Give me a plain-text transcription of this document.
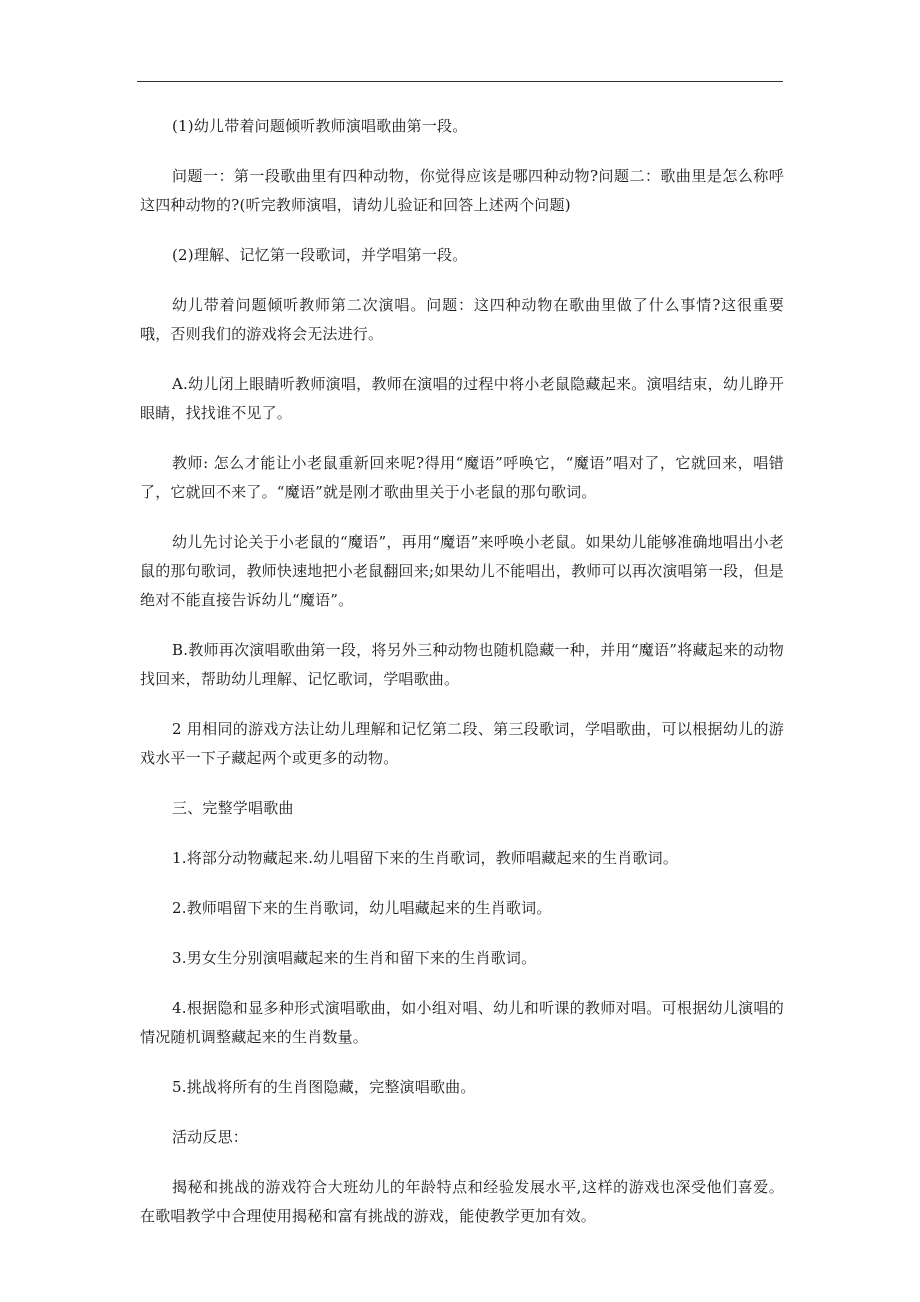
(1)幼儿带着问题倾听教师演唱歌曲第一段。

问题一：第一段歌曲里有四种动物，你觉得应该是哪四种动物?问题二：歌曲里是怎么称呼这四种动物的?(听完教师演唱，请幼儿验证和回答上述两个问题)

(2)理解、记忆第一段歌词，并学唱第一段。

幼儿带着问题倾听教师第二次演唱。问题：这四种动物在歌曲里做了什么事情?这很重要哦，否则我们的游戏将会无法进行。

A.幼儿闭上眼睛听教师演唱，教师在演唱的过程中将小老鼠隐藏起来。演唱结束，幼儿睁开眼睛，找找谁不见了。

教师: 怎么才能让小老鼠重新回来呢?得用“魔语”呼唤它，“魔语”唱对了，它就回来，唱错了，它就回不来了。“魔语”就是刚才歌曲里关于小老鼠的那句歌词。

幼儿先讨论关于小老鼠的“魔语”，再用“魔语”来呼唤小老鼠。如果幼儿能够准确地唱出小老鼠的那句歌词，教师快速地把小老鼠翻回来;如果幼儿不能唱出，教师可以再次演唱第一段，但是绝对不能直接告诉幼儿“魔语”。

B.教师再次演唱歌曲第一段，将另外三种动物也随机隐藏一种，并用“魔语”将藏起来的动物找回来，帮助幼儿理解、记忆歌词，学唱歌曲。

2 用相同的游戏方法让幼儿理解和记忆第二段、第三段歌词，学唱歌曲，可以根据幼儿的游戏水平一下子藏起两个或更多的动物。

三、完整学唱歌曲

1.将部分动物藏起来.幼儿唱留下来的生肖歌词，教师唱藏起来的生肖歌词。

2.教师唱留下来的生肖歌词，幼儿唱藏起来的生肖歌词。

3.男女生分别演唱藏起来的生肖和留下来的生肖歌词。

4.根据隐和显多种形式演唱歌曲，如小组对唱、幼儿和听课的教师对唱。可根据幼儿演唱的情况随机调整藏起来的生肖数量。

5.挑战将所有的生肖图隐藏，完整演唱歌曲。

活动反思：

揭秘和挑战的游戏符合大班幼儿的年龄特点和经验发展水平,这样的游戏也深受他们喜爱。在歌唱教学中合理使用揭秘和富有挑战的游戏，能使教学更加有效。
